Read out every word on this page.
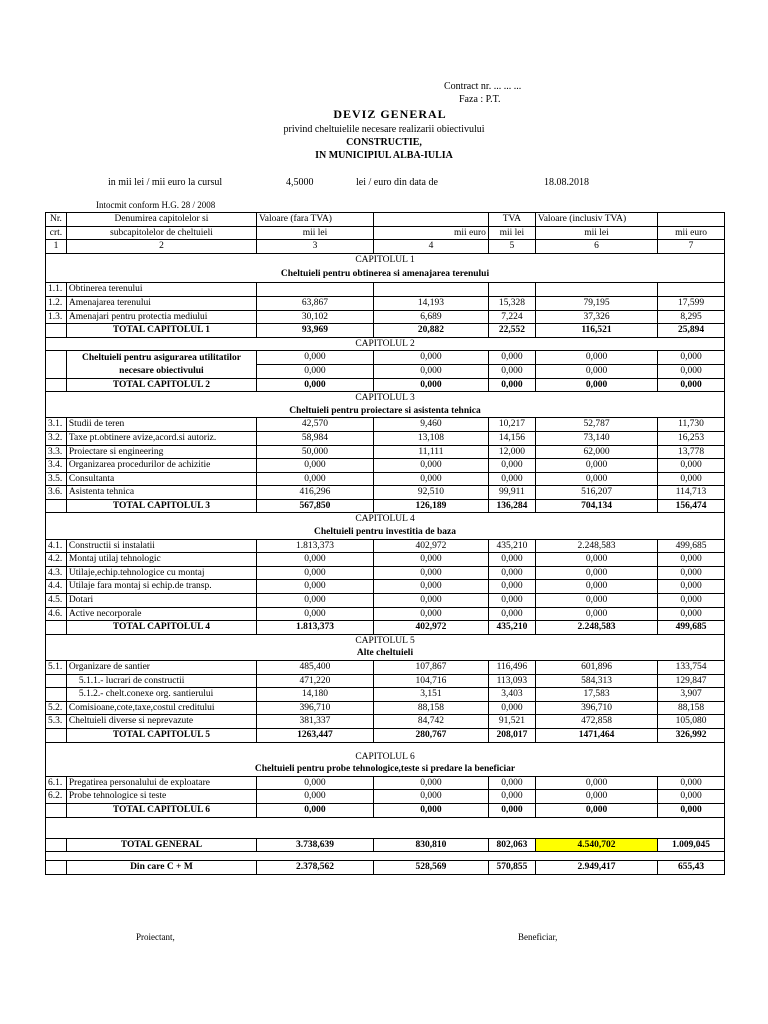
Contract nr. ... ... ...
Faza : P.T.
DEVIZ GENERAL
privind cheltuielile necesare realizarii obiectivului
CONSTRUCTIE,
IN MUNICIPIUL ALBA-IULIA
in mii lei / mii euro la cursul	4,5000	lei / euro din data de	18.08.2018
Intocmit conform H.G. 28 / 2008
Nr.	Denumirea capitolelor si	Valoare (fara TVA)		TVA	Valoare (inclusiv TVA)	
crt.	subcapitolelor de cheltuieli	mii lei	mii euro	mii lei	mii lei	mii euro
1	2	3	4	5	6	7
CAPITOLUL 1						
Cheltuieli pentru obtinerea si amenajarea terenului						
1.1.	Obtinerea terenului					
1.2.	Amenajarea terenului	63,867	14,193	15,328	79,195	17,599
1.3.	Amenajari pentru protectia mediului	30,102	6,689	7,224	37,326	8,295
	TOTAL CAPITOLUL 1	93,969	20,882	22,552	116,521	25,894
CAPITOLUL 2						
	Cheltuieli pentru asigurarea utilitatilor	0,000	0,000	0,000	0,000	0,000
	necesare obiectivului	0,000	0,000	0,000	0,000	0,000
	TOTAL CAPITOLUL 2	0,000	0,000	0,000	0,000	0,000
CAPITOLUL 3						
Cheltuieli pentru proiectare si asistenta tehnica						
3.1.	Studii de teren	42,570	9,460	10,217	52,787	11,730
3.2.	Taxe pt.obtinere avize,acord.si autoriz.	58,984	13,108	14,156	73,140	16,253
3.3.	Proiectare si engineering	50,000	11,111	12,000	62,000	13,778
3.4.	Organizarea procedurilor de achizitie	0,000	0,000	0,000	0,000	0,000
3.5.	Consultanta	0,000	0,000	0,000	0,000	0,000
3.6.	Asistenta tehnica	416,296	92,510	99,911	516,207	114,713
	TOTAL CAPITOLUL 3	567,850	126,189	136,284	704,134	156,474
CAPITOLUL 4						
Cheltuieli pentru investitia de baza						
4.1.	Constructii si instalatii	1.813,373	402,972	435,210	2.248,583	499,685
4.2.	Montaj utilaj tehnologic	0,000	0,000	0,000	0,000	0,000
4.3.	Utilaje,echip.tehnologice cu montaj	0,000	0,000	0,000	0,000	0,000
4.4.	Utilaje fara montaj si echip.de transp.	0,000	0,000	0,000	0,000	0,000
4.5.	Dotari	0,000	0,000	0,000	0,000	0,000
4.6.	Active necorporale	0,000	0,000	0,000	0,000	0,000
	TOTAL CAPITOLUL 4	1.813,373	402,972	435,210	2.248,583	499,685
CAPITOLUL 5						
Alte cheltuieli						
5.1.	Organizare de santier	485,400	107,867	116,496	601,896	133,754
	5.1.1.- lucrari de constructii	471,220	104,716	113,093	584,313	129,847
	5.1.2.- chelt.conexe org. santierului	14,180	3,151	3,403	17,583	3,907
5.2.	Comisioane,cote,taxe,costul creditului	396,710	88,158	0,000	396,710	88,158
5.3.	Cheltuieli diverse si neprevazute	381,337	84,742	91,521	472,858	105,080
	TOTAL CAPITOLUL 5	1263,447	280,767	208,017	1471,464	326,992

CAPITOLUL 6						
Cheltuieli pentru probe tehnologice,teste si predare la beneficiar						
6.1.	Pregatirea personalului de exploatare	0,000	0,000	0,000	0,000	0,000
6.2.	Probe tehnologice si teste	0,000	0,000	0,000	0,000	0,000
	TOTAL CAPITOLUL 6	0,000	0,000	0,000	0,000	0,000

	TOTAL GENERAL	3.738,639	830,810	802,063	4.540,702	1.009,045

	Din care C + M	2.378,562	528,569	570,855	2.949,417	655,43
Proiectant,	Beneficiar,
